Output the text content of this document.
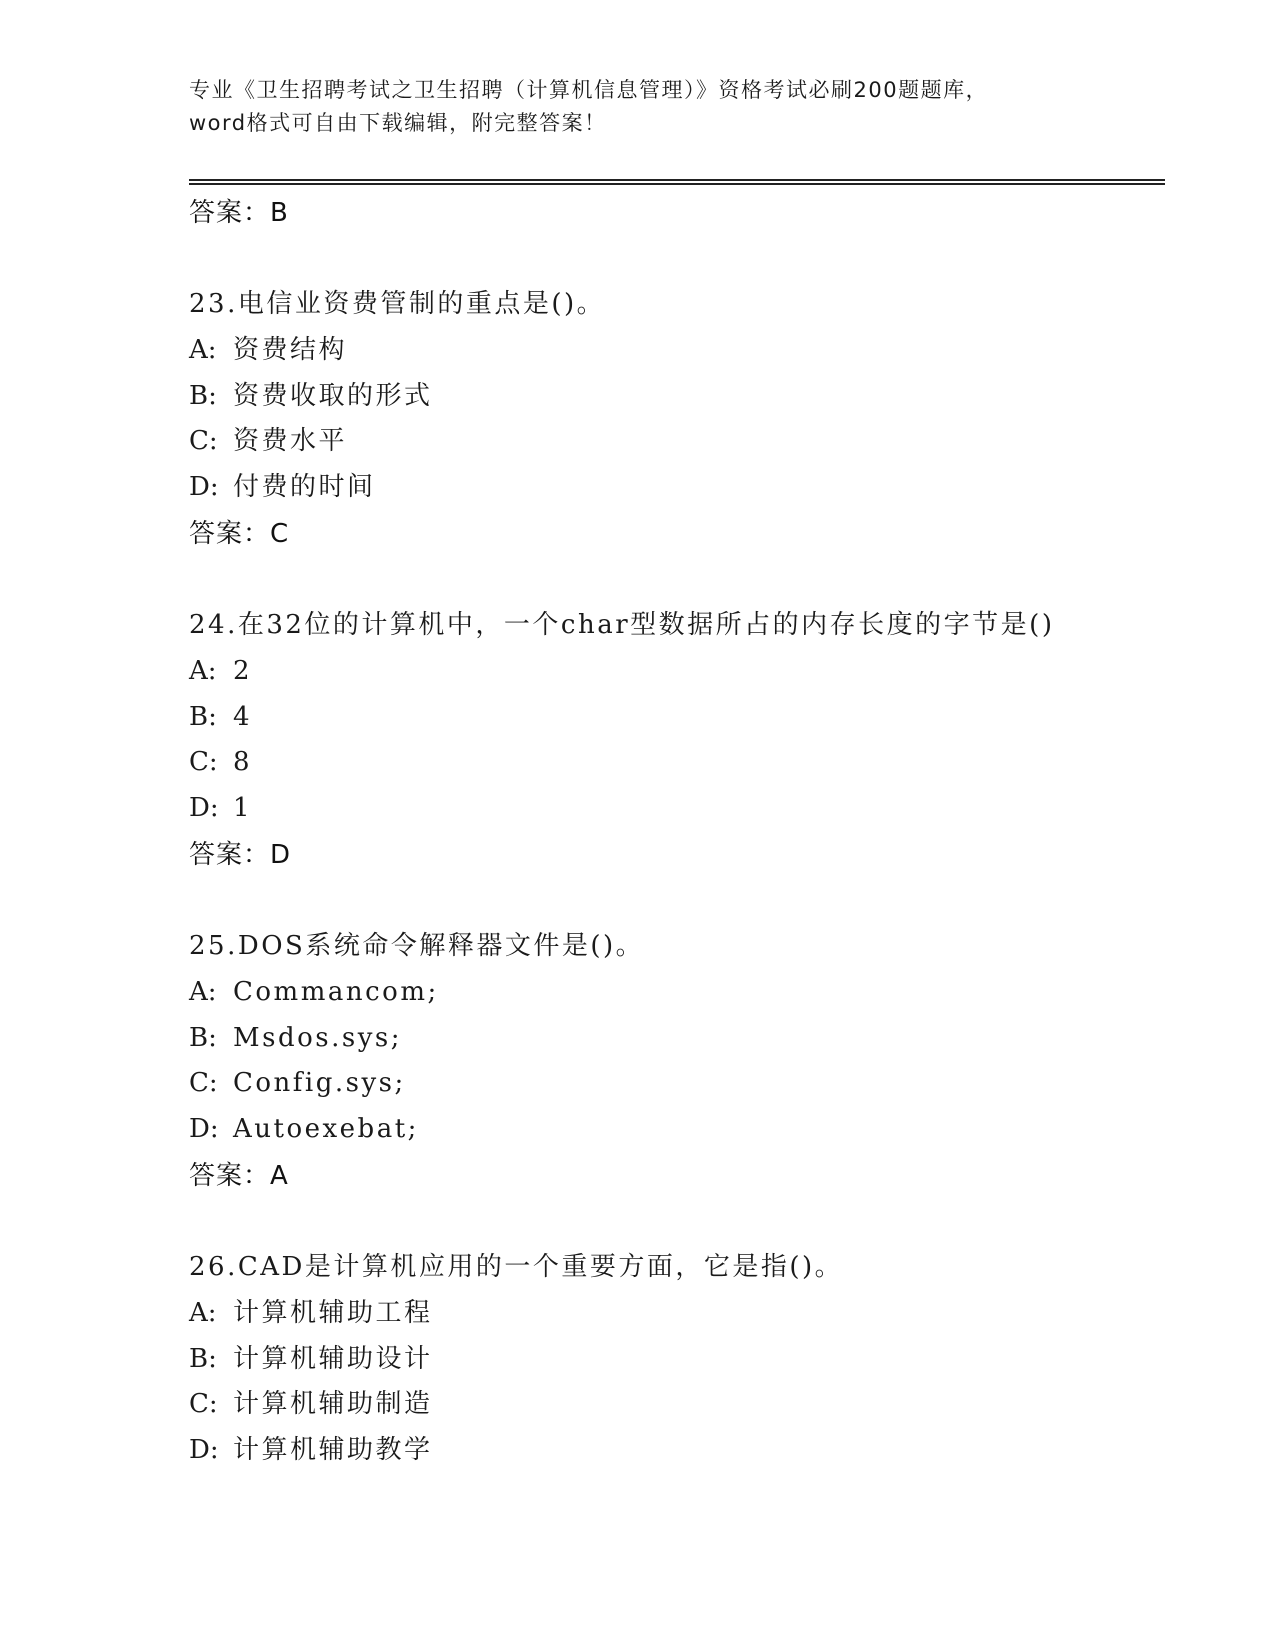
专业《卫生招聘考试之卫生招聘（计算机信息管理）》资格考试必刷200题题库，
word格式可自由下载编辑，附完整答案！
答案：B
23.电信业资费管制的重点是()。
A: 资费结构
B: 资费收取的形式
C: 资费水平
D: 付费的时间
答案：C
24.在32位的计算机中，一个char型数据所占的内存长度的字节是()
A: 2
B: 4
C: 8
D: 1
答案：D
25.DOS系统命令解释器文件是()。
A: Commancom;
B: Msdos.sys;
C: Config.sys;
D: Autoexebat;
答案：A
26.CAD是计算机应用的一个重要方面，它是指()。
A: 计算机辅助工程
B: 计算机辅助设计
C: 计算机辅助制造
D: 计算机辅助教学
